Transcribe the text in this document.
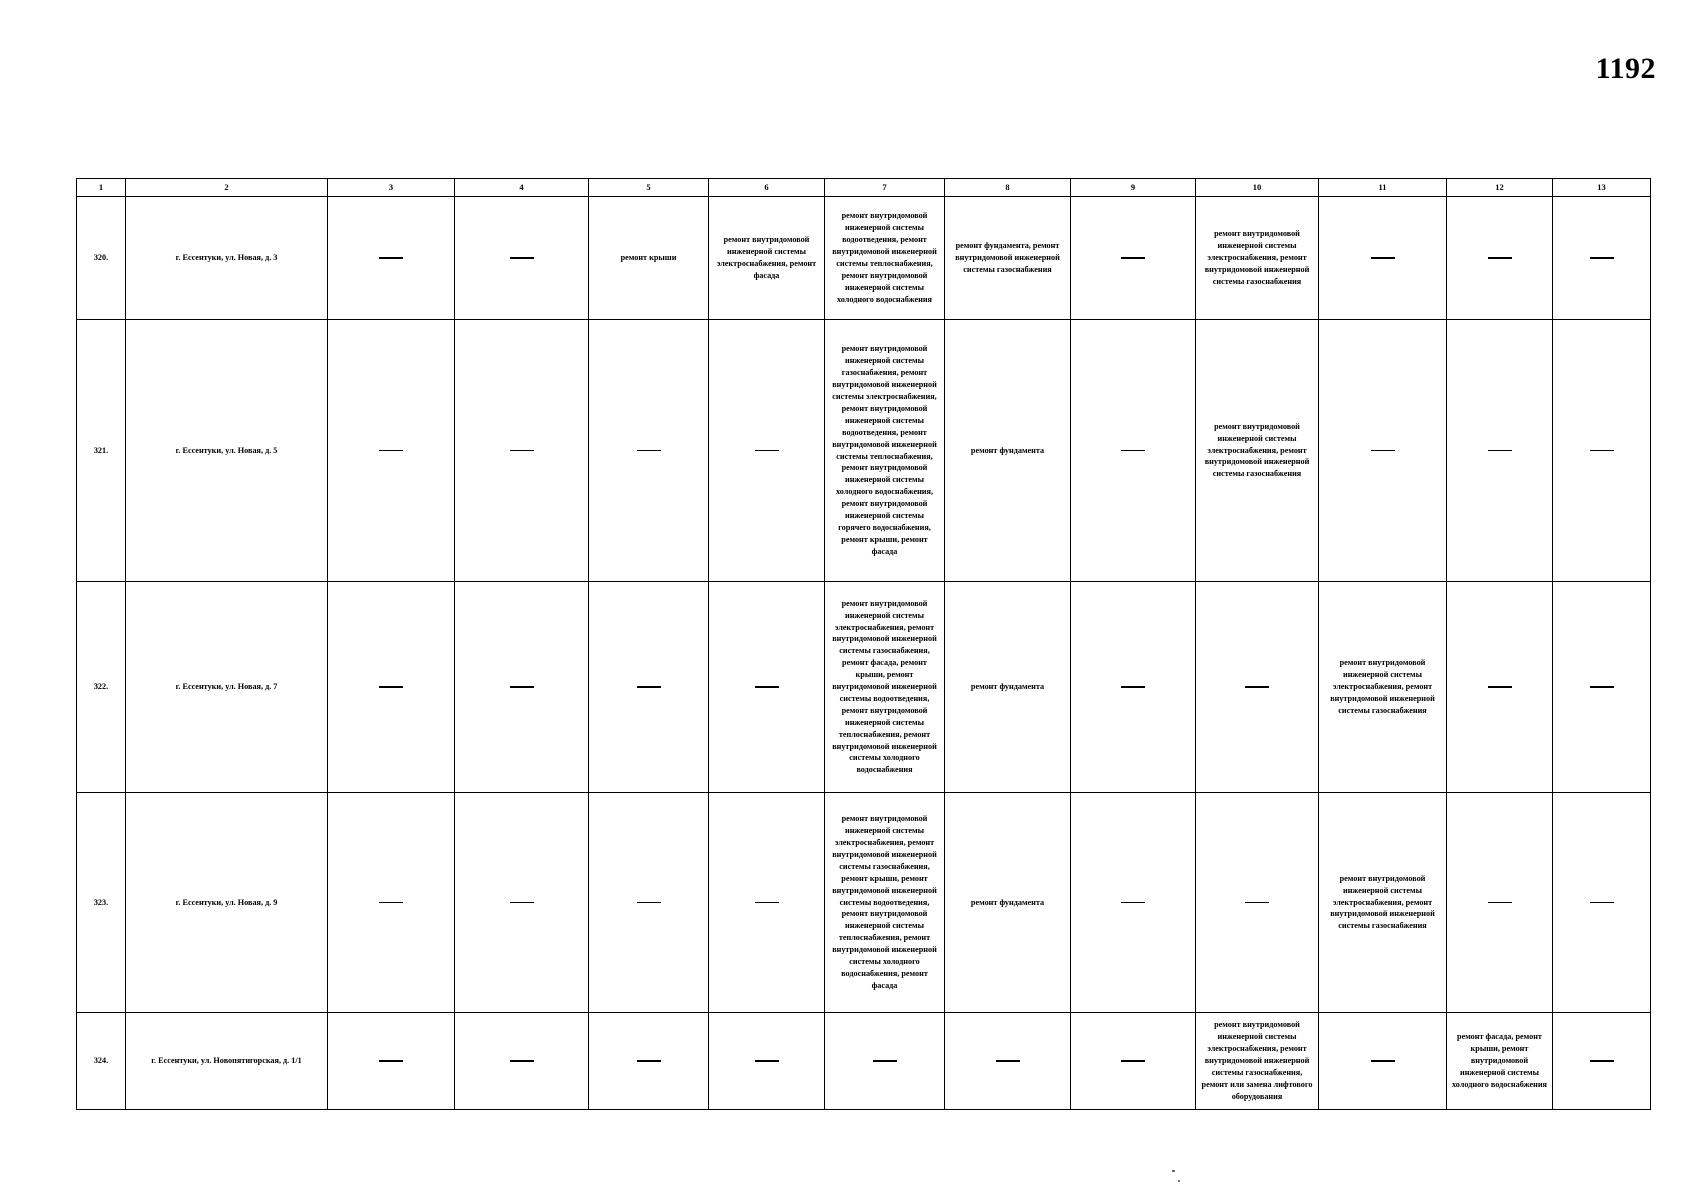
1192
1	2	3	4	5	6	7	8	9	10	11	12	13
320.	г. Ессентуки, ул. Новая, д. 3			ремонт крыши	ремонт внутридомовой инженерной системы электроснабжения, ремонт фасада	ремонт внутридомовой инженерной системы водоотведения, ремонт внутридомовой инженерной системы теплоснабжения, ремонт внутридомовой инженерной системы холодного водоснабжения	ремонт фундамента, ремонт внутридомовой инженерной системы газоснабжения		ремонт внутридомовой инженерной системы электроснабжения, ремонт внутридомовой инженерной системы газоснабжения			

321.	г. Ессентуки, ул. Новая, д. 5					ремонт внутридомовой инженерной системы газоснабжения, ремонт внутридомовой инженерной системы электроснабжения, ремонт внутридомовой инженерной системы водоотведения, ремонт внутридомовой инженерной системы теплоснабжения, ремонт внутридомовой инженерной системы холодного водоснабжения, ремонт внутридомовой инженерной системы горячего водоснабжения, ремонт крыши, ремонт фасада	ремонт фундамента		ремонт внутридомовой инженерной системы электроснабжения, ремонт внутридомовой инженерной системы газоснабжения			

322.	г. Ессентуки, ул. Новая, д. 7					ремонт внутридомовой инженерной системы электроснабжения, ремонт внутридомовой инженерной системы газоснабжения, ремонт фасада, ремонт крыши, ремонт внутридомовой инженерной системы водоотведения, ремонт внутридомовой инженерной системы теплоснабжения, ремонт внутридомовой инженерной системы холодного водоснабжения	ремонт фундамента			ремонт внутридомовой инженерной системы электроснабжения, ремонт внутридомовой инженерной системы газоснабжения		

323.	г. Ессентуки, ул. Новая, д. 9					ремонт внутридомовой инженерной системы электроснабжения, ремонт внутридомовой инженерной системы газоснабжения, ремонт крыши, ремонт внутридомовой инженерной системы водоотведения, ремонт внутридомовой инженерной системы теплоснабжения, ремонт внутридомовой инженерной системы холодного водоснабжения, ремонт фасада	ремонт фундамента			ремонт внутридомовой инженерной системы электроснабжения, ремонт внутридомовой инженерной системы газоснабжения		

324.	г. Ессентуки, ул. Новопятигорская, д. 1/1								ремонт внутридомовой инженерной системы электроснабжения, ремонт внутридомовой инженерной системы газоснабжения, ремонт или замена лифтового оборудования		ремонт фасада, ремонт крыши, ремонт внутридомовой инженерной системы холодного водоснабжения	
